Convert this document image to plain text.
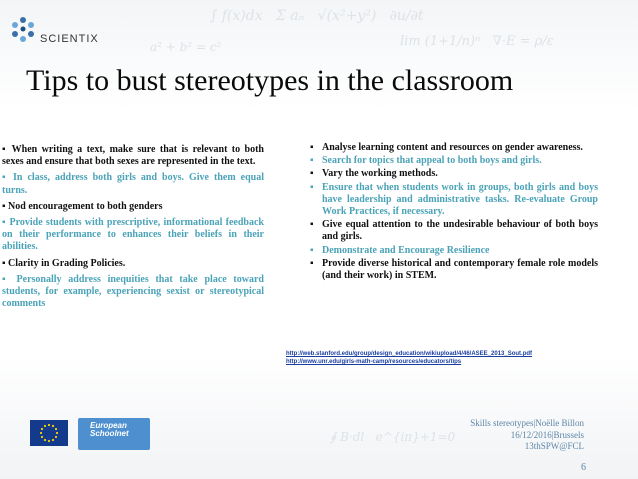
∫ f(x)dx   Σ aₙ   √(x²+y²)   ∂u/∂t
lim (1+1/n)ⁿ   ∇·E = ρ/ε
a² + b² = c²
∮ B·dl   e^{iπ}+1=0
SCIENTIX
Tips to bust stereotypes in the classroom
▪ When writing a text, make sure that is relevant to both sexes and ensure that both sexes are represented in the text.
▪ In class, address both girls and boys. Give them equal turns.
▪ Nod encouragement to both genders
▪ Provide students with prescriptive, informational feedback on their performance to enhances their beliefs in their abilities.
▪ Clarity in Grading Policies.
▪ Personally address inequities that take place toward students, for example, experiencing sexist or stereotypical comments
▪ Analyse learning content and resources on gender awareness.
▪ Search for topics that appeal to both boys and girls.
▪ Vary the working methods.
▪ Ensure that when students work in groups, both girls and boys have leadership and administrative tasks. Re-evaluate Group Work Practices, if necessary.
▪ Give equal attention to the undesirable behaviour of both boys and girls.
▪ Demonstrate and Encourage Resilience
▪ Provide diverse historical and contemporary female role models (and their work) in STEM.
http://web.stanford.edu/group/design_education/wikiupload/4/46/ASEE_2013_Sout.pdf
http://www.unr.edu/girls-math-camp/resources/educators/tips
European
Schoolnet
Skills stereotypes|Noëlle Billon
16/12/2016|Brussels
13thSPW@FCL
6
